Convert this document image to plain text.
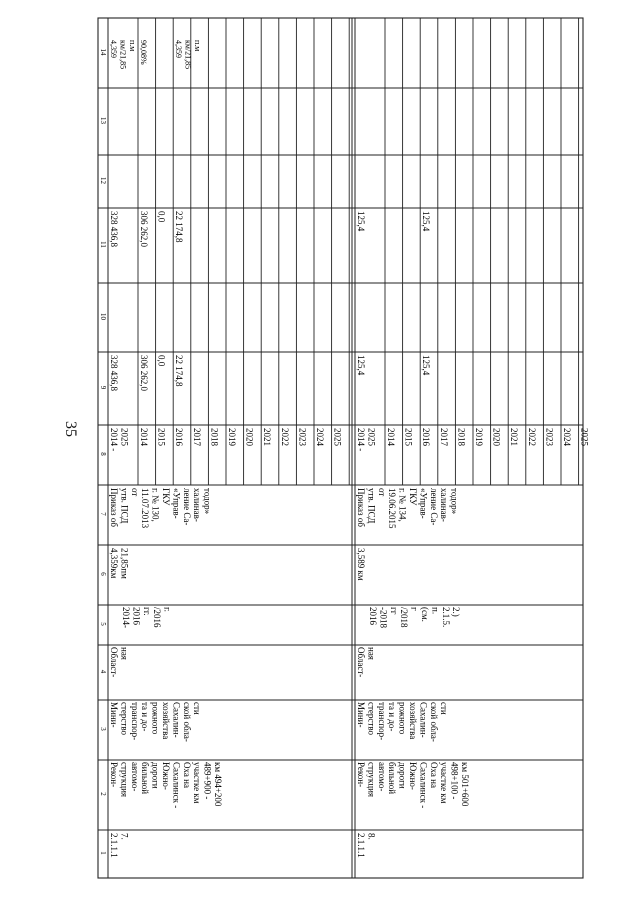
35
1
2
3
4
5
6
7
8
9
10
11
12
13
14
2014 - 2025
328 436,8
328 436,8
4,359 км/21,85 п.м
2014
306 262,0
306 262,0
90,08%
2015
0,0
0,0
2016
22 174,8
22 174,8
4,359 км/21,85 п.м
2017 2018 2019 2020 2021 2022 2023 2024 2025
2.1.1.1 7.
Рекон- струкция автомо- бильной дороги Южно- Сахалинск - Оха на участке км 489+900 - км 494+200
Мини- стерство транспор- та и до- рожного хозяйства Сахалин- ской обла- сти
Област- ная
2014- 2016 гг. /2016 г.
4,359км 21,85пм
Приказ об утв. ПСД от 11.07.2013 г. № 130, ГКУ «Управ- ление Са- халинав- тодор»
2014 - 2025
125,4
125,4
2014 2015 2016
125,4
125,4
2017 2018 2019 2020 2021 2022 2023 2024 2025
2.1.1.1 8.
Рекон- струкция автомо- бильной дороги Южно- Сахалинск - Оха на участке км 498+100 - км 501+600
Мини- стерство транспор- та и до- рожного хозяйства Сахалин- ской обла- сти
Област- ная
2016 -2018 гг /2018 г (см. п. 2.1.5. 2.)
3,589 км
Приказ об утв. ПСД от 19.06.2015 г. № 134, ГКУ «Управ- ление Са- халинав- тодор»
